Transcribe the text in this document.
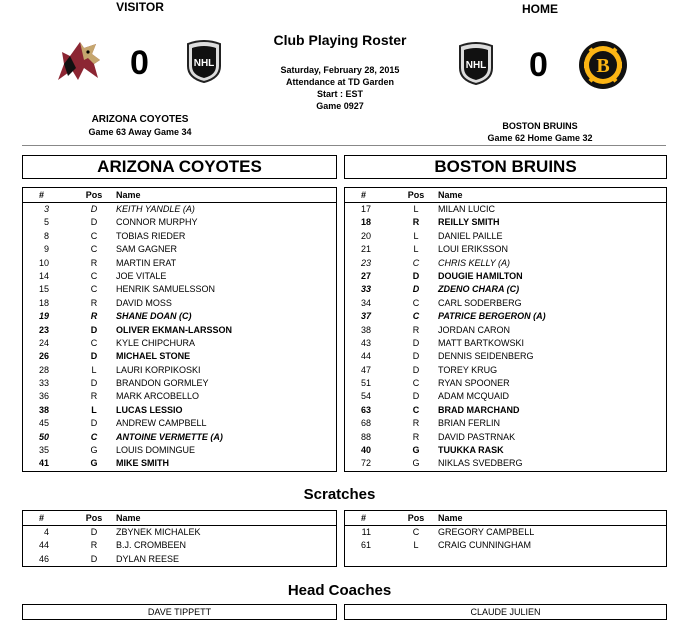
VISITOR	HOME
0	NHL
Club Playing Roster
Saturday, February 28, 2015
Attendance at TD Garden
Start : EST
Game 0927
NHL 0 B
ARIZONA COYOTES
Game 63 Away Game 34
BOSTON BRUINS
Game 62 Home Game 32
ARIZONA COYOTES	BOSTON BRUINS
#	Pos	Name
3	D	KEITH YANDLE (A)
5	D	CONNOR MURPHY
8	C	TOBIAS RIEDER
9	C	SAM GAGNER
10	R	MARTIN ERAT
14	C	JOE VITALE
15	C	HENRIK SAMUELSSON
18	R	DAVID MOSS
19	R	SHANE DOAN (C)
23	D	OLIVER EKMAN-LARSSON
24	C	KYLE CHIPCHURA
26	D	MICHAEL STONE
28	L	LAURI KORPIKOSKI
33	D	BRANDON GORMLEY
36	R	MARK ARCOBELLO
38	L	LUCAS LESSIO
45	D	ANDREW CAMPBELL
50	C	ANTOINE VERMETTE (A)
35	G	LOUIS DOMINGUE
41	G	MIKE SMITH
#	Pos	Name
17	L	MILAN LUCIC
18	R	REILLY SMITH
20	L	DANIEL PAILLE
21	L	LOUI ERIKSSON
23	C	CHRIS KELLY (A)
27	D	DOUGIE HAMILTON
33	D	ZDENO CHARA (C)
34	C	CARL SODERBERG
37	C	PATRICE BERGERON (A)
38	R	JORDAN CARON
43	D	MATT BARTKOWSKI
44	D	DENNIS SEIDENBERG
47	D	TOREY KRUG
51	C	RYAN SPOONER
54	D	ADAM MCQUAID
63	C	BRAD MARCHAND
68	R	BRIAN FERLIN
88	R	DAVID PASTRNAK
40	G	TUUKKA RASK
72	G	NIKLAS SVEDBERG
Scratches
#	Pos	Name
4	D	ZBYNEK MICHALEK
44	R	B.J. CROMBEEN
46	D	DYLAN REESE
#	Pos	Name
11	C	GREGORY CAMPBELL
61	L	CRAIG CUNNINGHAM
Head Coaches
DAVE TIPPETT	CLAUDE JULIEN
